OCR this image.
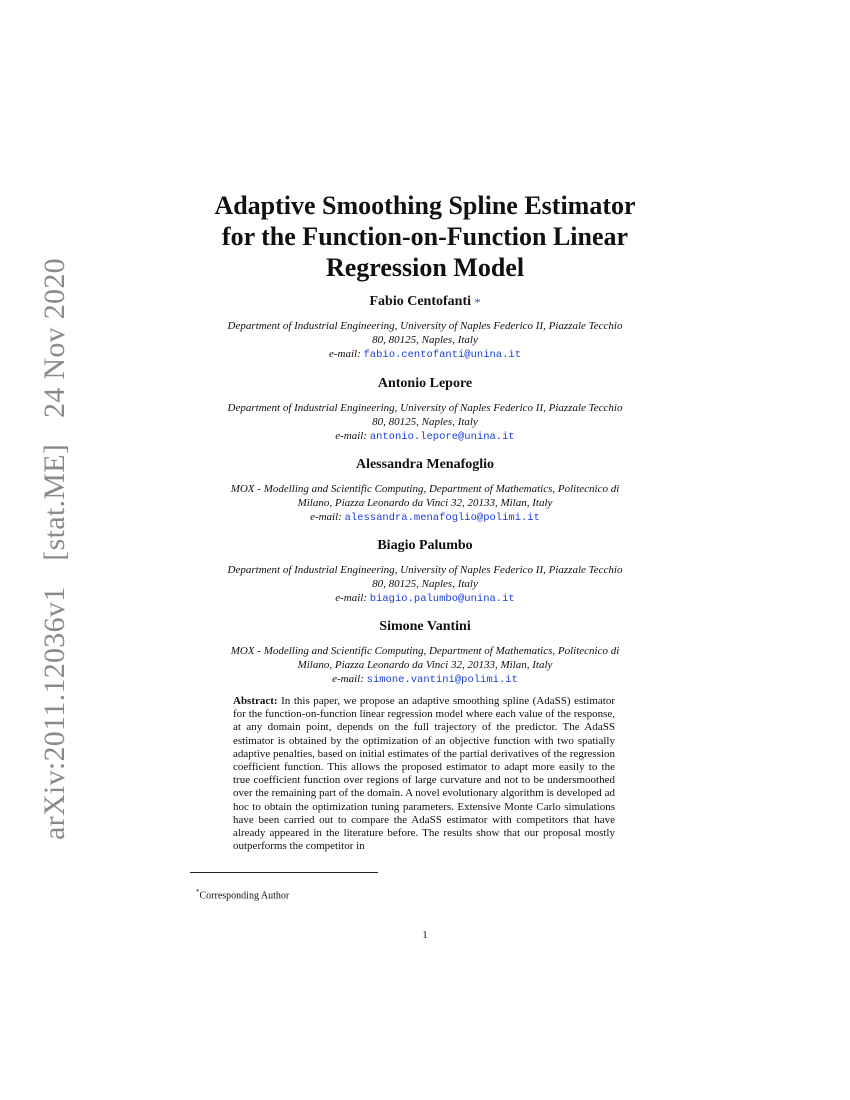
arXiv:2011.12036v1 [stat.ME] 24 Nov 2020
Adaptive Smoothing Spline Estimator
for the Function-on-Function Linear
Regression Model
Fabio Centofanti *
Department of Industrial Engineering, University of Naples Federico II, Piazzale Tecchio
80, 80125, Naples, Italy
e-mail: fabio.centofanti@unina.it
Antonio Lepore
Department of Industrial Engineering, University of Naples Federico II, Piazzale Tecchio
80, 80125, Naples, Italy
e-mail: antonio.lepore@unina.it
Alessandra Menafoglio
MOX - Modelling and Scientific Computing, Department of Mathematics, Politecnico di
Milano, Piazza Leonardo da Vinci 32, 20133, Milan, Italy
e-mail: alessandra.menafoglio@polimi.it
Biagio Palumbo
Department of Industrial Engineering, University of Naples Federico II, Piazzale Tecchio
80, 80125, Naples, Italy
e-mail: biagio.palumbo@unina.it
Simone Vantini
MOX - Modelling and Scientific Computing, Department of Mathematics, Politecnico di
Milano, Piazza Leonardo da Vinci 32, 20133, Milan, Italy
e-mail: simone.vantini@polimi.it
Abstract: In this paper, we propose an adaptive smoothing spline (AdaSS) estimator for the function-on-function linear regression model where each value of the response, at any domain point, depends on the full trajectory of the predictor. The AdaSS estimator is obtained by the optimization of an objective function with two spatially adaptive penalties, based on initial estimates of the partial derivatives of the regression coefficient function. This allows the proposed estimator to adapt more easily to the true coefficient function over regions of large curvature and not to be undersmoothed over the remaining part of the domain. A novel evolutionary algorithm is developed ad hoc to obtain the optimization tuning parameters. Extensive Monte Carlo simulations have been carried out to compare the AdaSS estimator with competitors that have already appeared in the literature before. The results show that our proposal mostly outperforms the competitor in
*Corresponding Author
1
